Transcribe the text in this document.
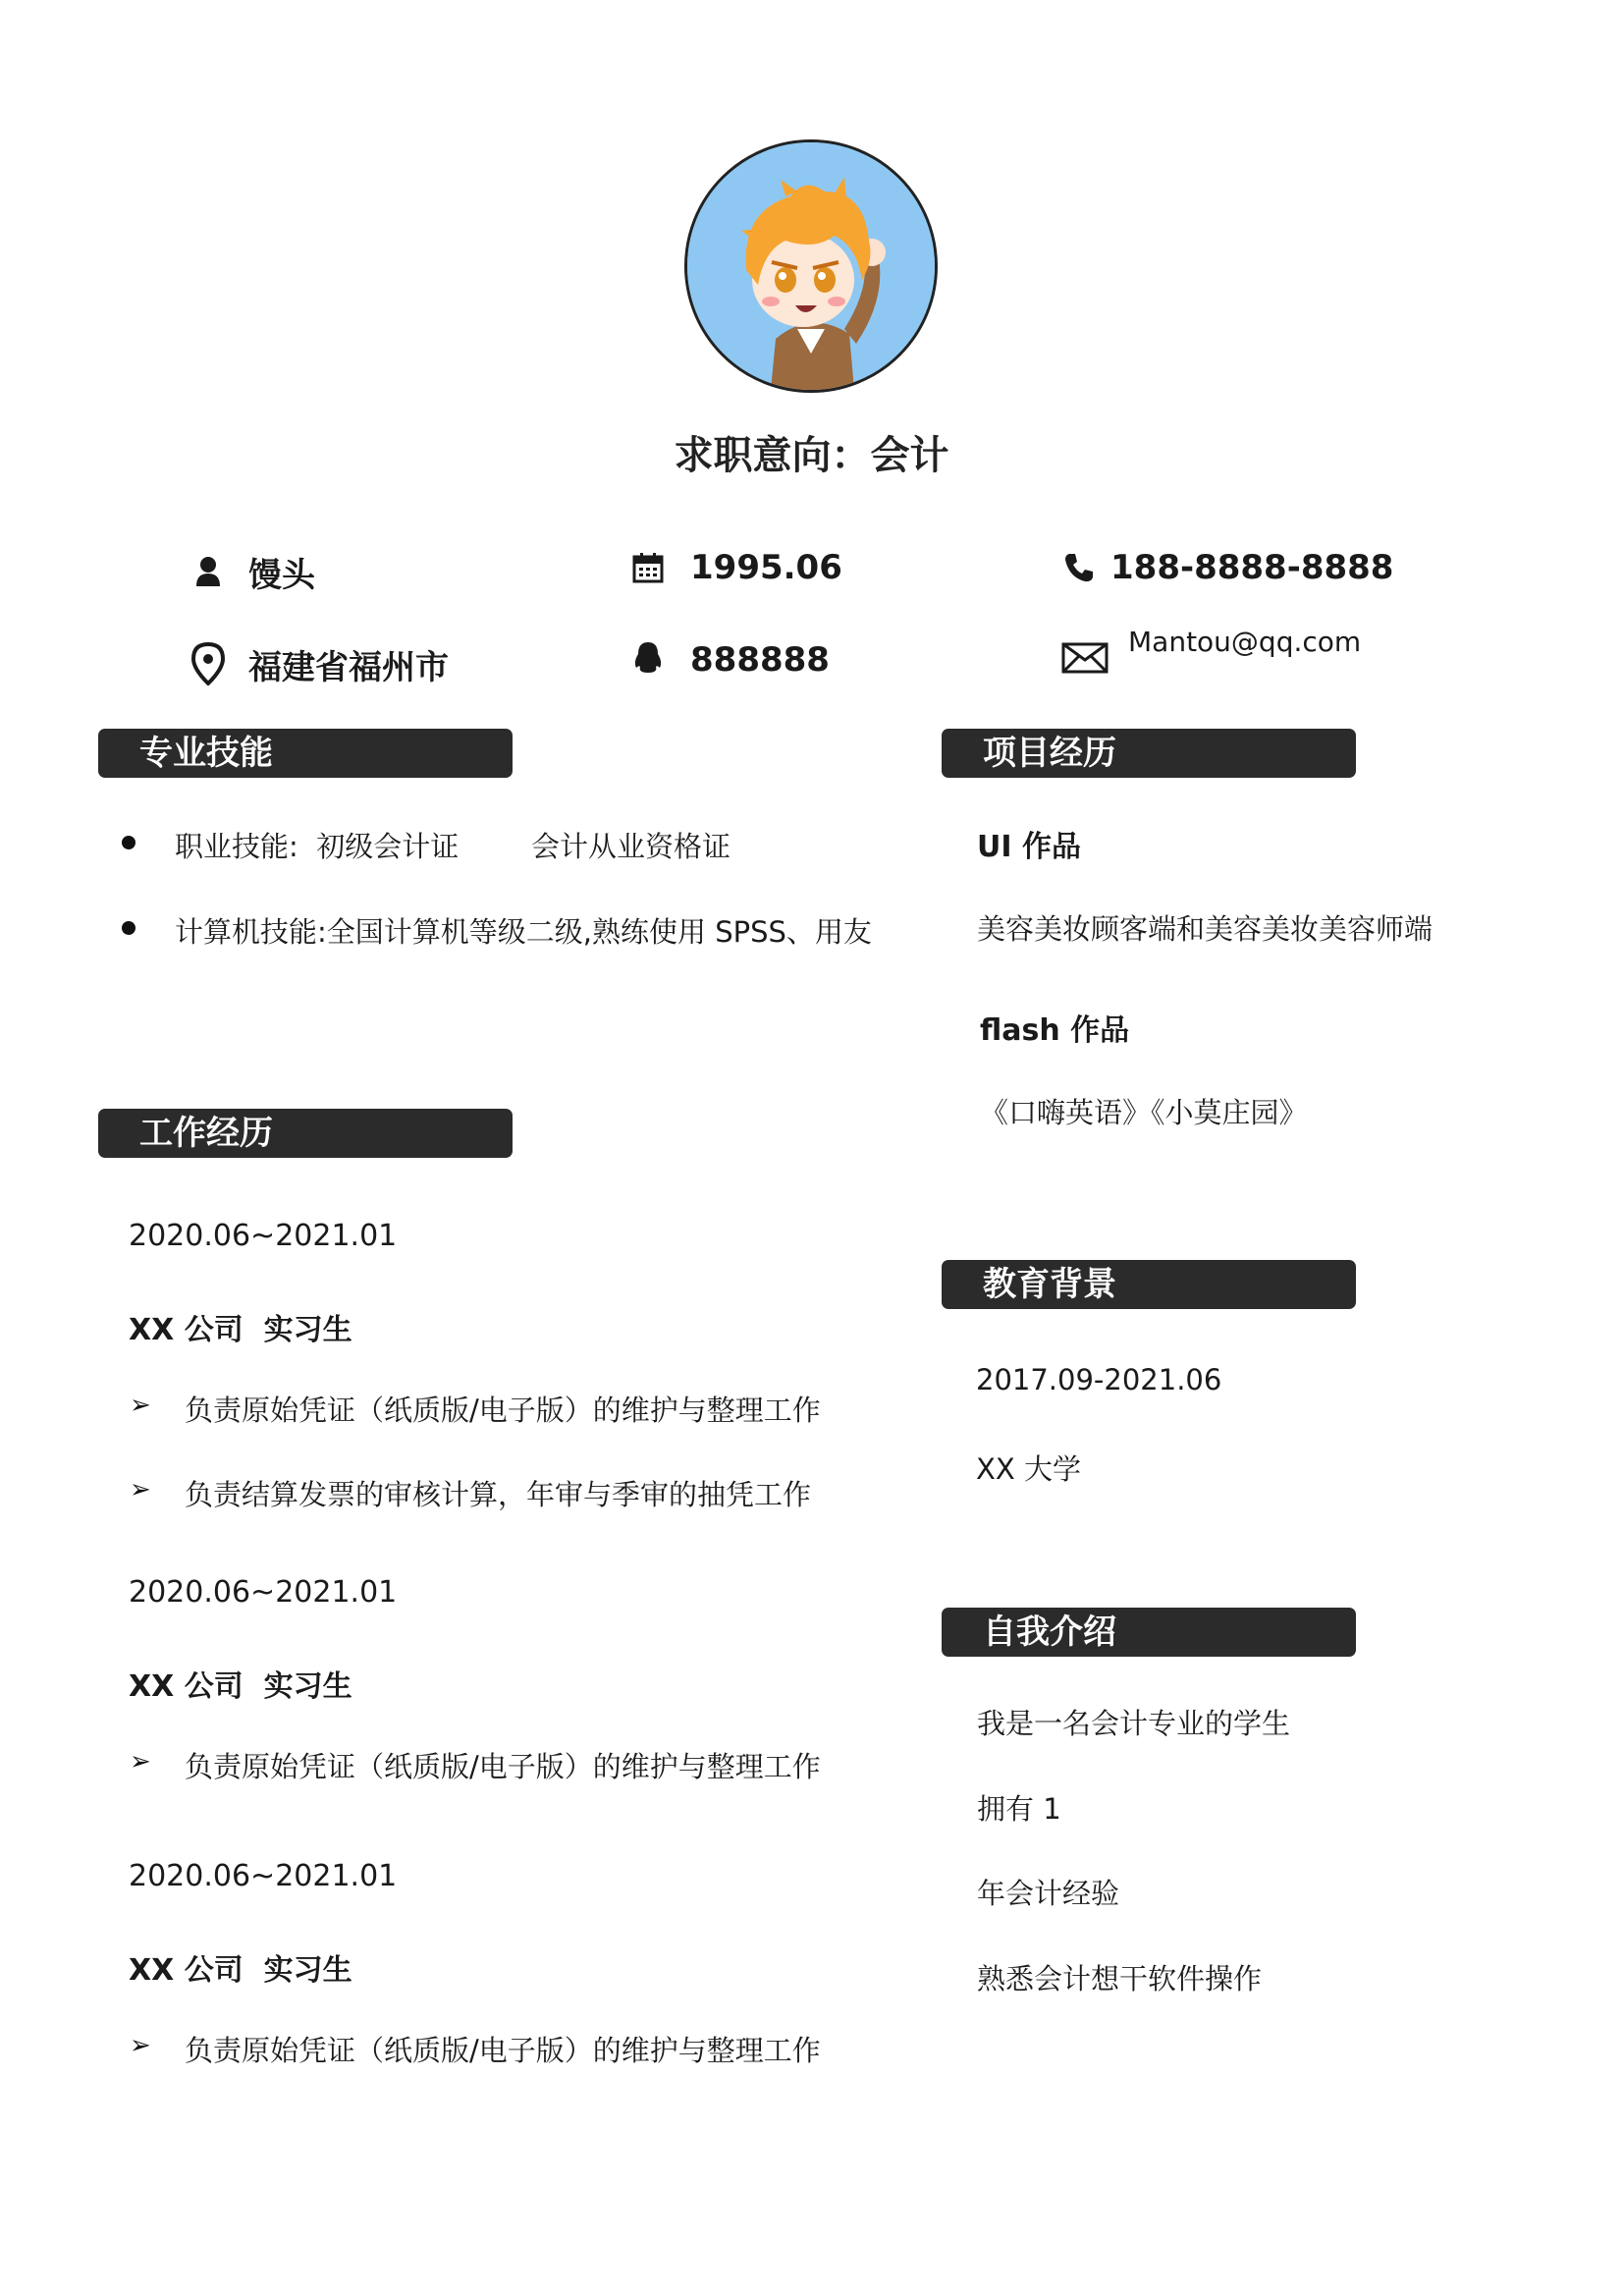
求职意向：会计
馒头	1995.06	188-8888-8888
福建省福州市	888888	Mantou@qq.com
专业技能
职业技能:  初级会计证        会计从业资格证
计算机技能:全国计算机等级二级,熟练使用 SPSS、用友
工作经历
2020.06~2021.01
XX 公司  实习生
➢ 负责原始凭证（纸质版/电子版）的维护与整理工作
➢ 负责结算发票的审核计算，年审与季审的抽凭工作
2020.06~2021.01
XX 公司  实习生
➢ 负责原始凭证（纸质版/电子版）的维护与整理工作
2020.06~2021.01
XX 公司  实习生
➢ 负责原始凭证（纸质版/电子版）的维护与整理工作
项目经历
UI 作品
美容美妆顾客端和美容美妆美容师端
flash 作品
《口嗨英语》《小莫庄园》
教育背景
2017.09-2021.06
XX 大学
自我介绍
我是一名会计专业的学生
拥有 1
年会计经验
熟悉会计想干软件操作
